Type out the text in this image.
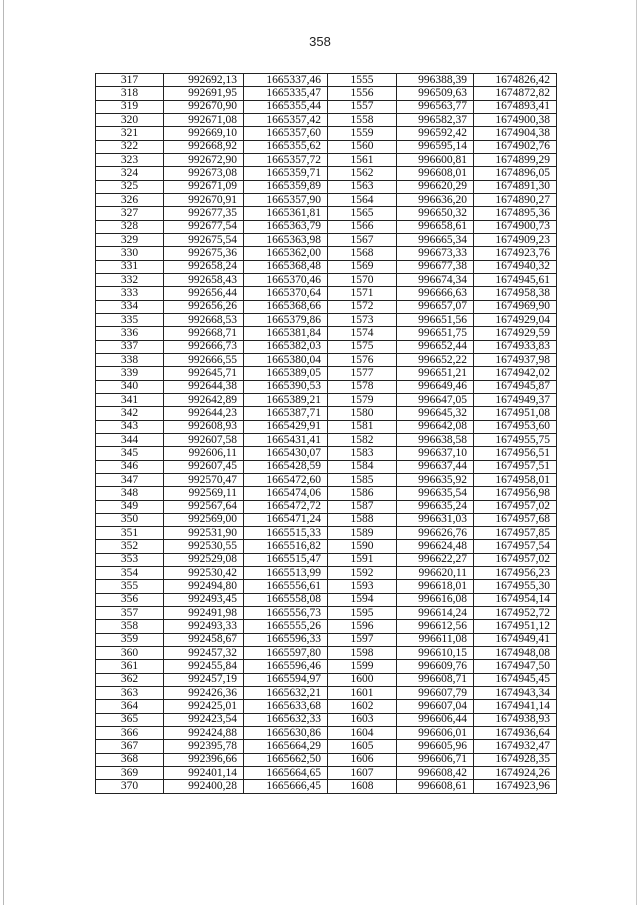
358
317	992692,13	1665337,46	1555	996388,39	1674826,42
318	992691,95	1665335,47	1556	996509,63	1674872,82
319	992670,90	1665355,44	1557	996563,77	1674893,41
320	992671,08	1665357,42	1558	996582,37	1674900,38
321	992669,10	1665357,60	1559	996592,42	1674904,38
322	992668,92	1665355,62	1560	996595,14	1674902,76
323	992672,90	1665357,72	1561	996600,81	1674899,29
324	992673,08	1665359,71	1562	996608,01	1674896,05
325	992671,09	1665359,89	1563	996620,29	1674891,30
326	992670,91	1665357,90	1564	996636,20	1674890,27
327	992677,35	1665361,81	1565	996650,32	1674895,36
328	992677,54	1665363,79	1566	996658,61	1674900,73
329	992675,54	1665363,98	1567	996665,34	1674909,23
330	992675,36	1665362,00	1568	996673,33	1674923,76
331	992658,24	1665368,48	1569	996677,38	1674940,32
332	992658,43	1665370,46	1570	996674,34	1674945,61
333	992656,44	1665370,64	1571	996666,63	1674958,38
334	992656,26	1665368,66	1572	996657,07	1674969,90
335	992668,53	1665379,86	1573	996651,56	1674929,04
336	992668,71	1665381,84	1574	996651,75	1674929,59
337	992666,73	1665382,03	1575	996652,44	1674933,83
338	992666,55	1665380,04	1576	996652,22	1674937,98
339	992645,71	1665389,05	1577	996651,21	1674942,02
340	992644,38	1665390,53	1578	996649,46	1674945,87
341	992642,89	1665389,21	1579	996647,05	1674949,37
342	992644,23	1665387,71	1580	996645,32	1674951,08
343	992608,93	1665429,91	1581	996642,08	1674953,60
344	992607,58	1665431,41	1582	996638,58	1674955,75
345	992606,11	1665430,07	1583	996637,10	1674956,51
346	992607,45	1665428,59	1584	996637,44	1674957,51
347	992570,47	1665472,60	1585	996635,92	1674958,01
348	992569,11	1665474,06	1586	996635,54	1674956,98
349	992567,64	1665472,72	1587	996635,24	1674957,02
350	992569,00	1665471,24	1588	996631,03	1674957,68
351	992531,90	1665515,33	1589	996626,76	1674957,85
352	992530,55	1665516,82	1590	996624,48	1674957,54
353	992529,08	1665515,47	1591	996622,27	1674957,02
354	992530,42	1665513,99	1592	996620,11	1674956,23
355	992494,80	1665556,61	1593	996618,01	1674955,30
356	992493,45	1665558,08	1594	996616,08	1674954,14
357	992491,98	1665556,73	1595	996614,24	1674952,72
358	992493,33	1665555,26	1596	996612,56	1674951,12
359	992458,67	1665596,33	1597	996611,08	1674949,41
360	992457,32	1665597,80	1598	996610,15	1674948,08
361	992455,84	1665596,46	1599	996609,76	1674947,50
362	992457,19	1665594,97	1600	996608,71	1674945,45
363	992426,36	1665632,21	1601	996607,79	1674943,34
364	992425,01	1665633,68	1602	996607,04	1674941,14
365	992423,54	1665632,33	1603	996606,44	1674938,93
366	992424,88	1665630,86	1604	996606,01	1674936,64
367	992395,78	1665664,29	1605	996605,96	1674932,47
368	992396,66	1665662,50	1606	996606,71	1674928,35
369	992401,14	1665664,65	1607	996608,42	1674924,26
370	992400,28	1665666,45	1608	996608,61	1674923,96
